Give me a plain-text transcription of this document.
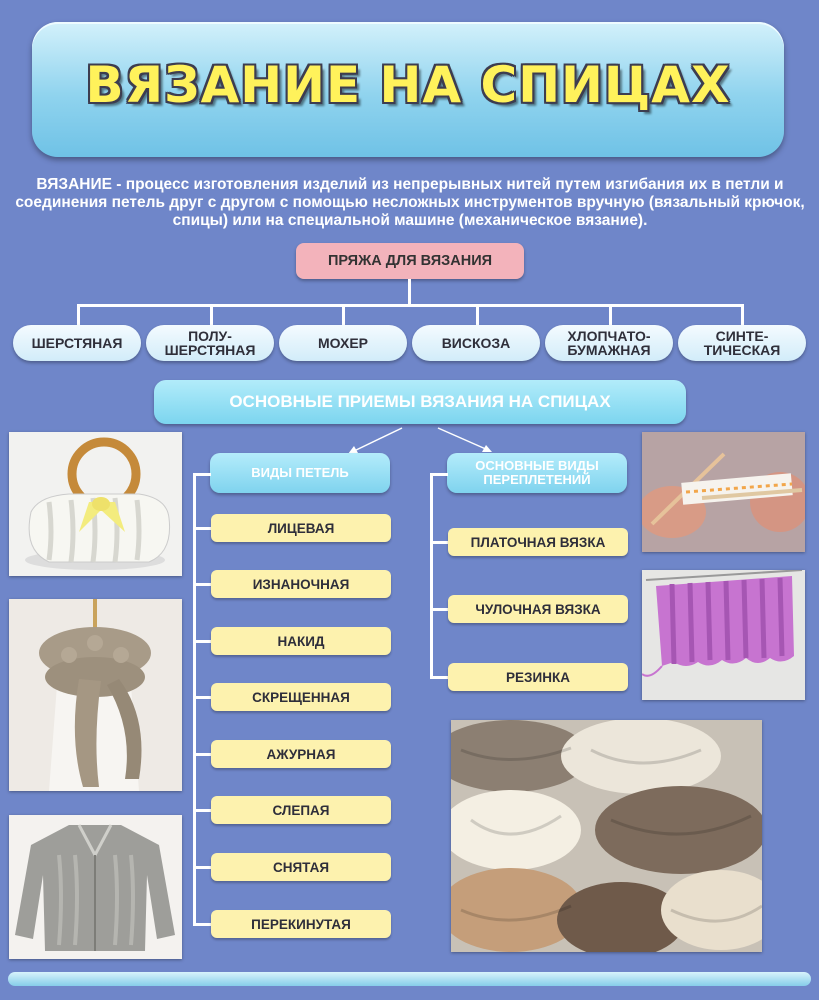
ВЯЗАНИЕ НА СПИЦАХ
ВЯЗАНИЕ - процесс изготовления изделий из непрерывных нитей путем изгибания их в петли и соединения петель друг с другом с помощью несложных инструментов вручную (вязальный крючок, спицы) или на специальной машине (механическое вязание).
ПРЯЖА ДЛЯ ВЯЗАНИЯ
ШЕРСТЯНАЯ	ПОЛУ-
ШЕРСТЯНАЯ	МОХЕР	ВИСКОЗА	ХЛОПЧАТО-
БУМАЖНАЯ
СИНТЕ-
ТИЧЕСКАЯ
ОСНОВНЫЕ ПРИЕМЫ ВЯЗАНИЯ НА СПИЦАХ
ВИДЫ ПЕТЕЛЬ
ЛИЦЕВАЯ
ИЗНАНОЧНАЯ
НАКИД
СКРЕЩЕННАЯ
АЖУРНАЯ
СЛЕПАЯ
СНЯТАЯ
ПЕРЕКИНУТАЯ
ОСНОВНЫЕ ВИДЫ
ПЕРЕПЛЕТЕНИЙ
ПЛАТОЧНАЯ ВЯЗКА
ЧУЛОЧНАЯ ВЯЗКА
РЕЗИНКА
